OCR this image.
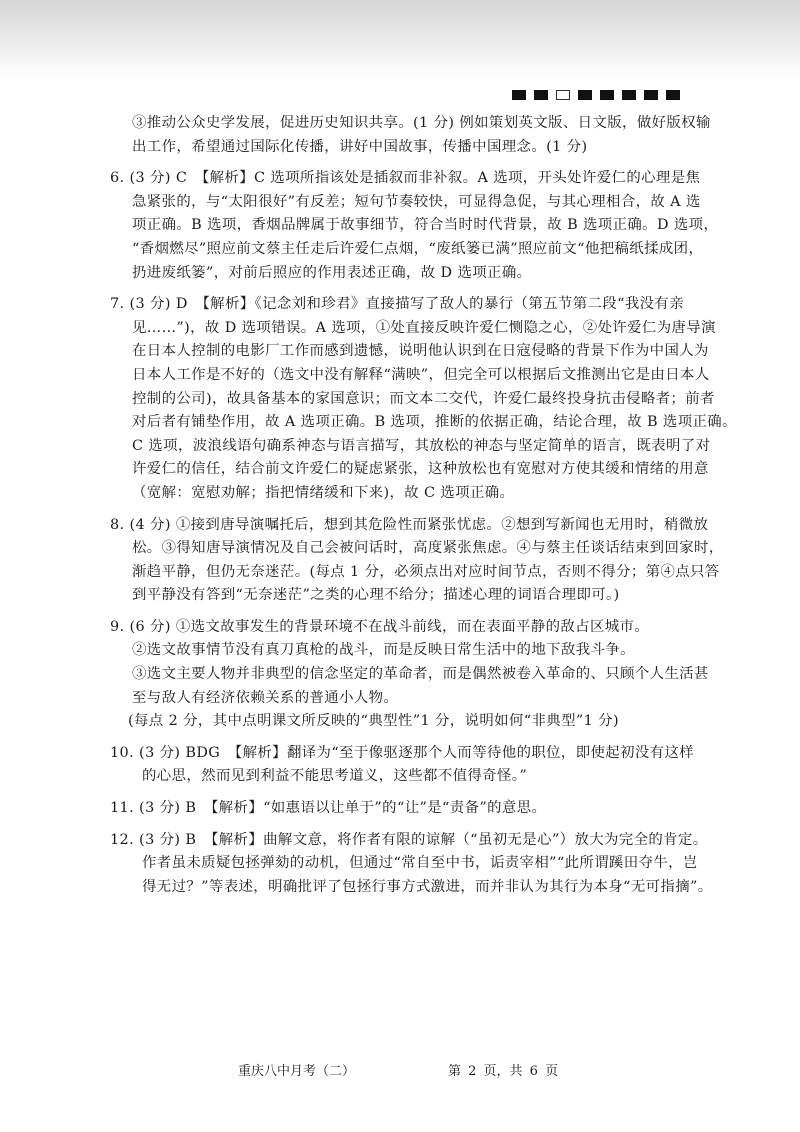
③推动公众史学发展，促进历史知识共享。(1 分) 例如策划英文版、日文版，做好版权输
出工作，希望通过国际化传播，讲好中国故事，传播中国理念。(1 分)
6. (3 分) C　【解析】C 选项所指该处是插叙而非补叙。A 选项，开头处许爱仁的心理是焦
急紧张的，与“太阳很好”有反差；短句节奏较快，可显得急促，与其心理相合，故 A 选
项正确。B 选项，香烟品牌属于故事细节，符合当时时代背景，故 B 选项正确。D 选项，
“香烟燃尽”照应前文蔡主任走后许爱仁点烟，“废纸篓已满”照应前文“他把稿纸揉成团，
扔进废纸篓”，对前后照应的作用表述正确，故 D 选项正确。
7. (3 分) D　【解析】《记念刘和珍君》直接描写了敌人的暴行（第五节第二段“我没有亲
见……”)，故 D 选项错误。A 选项，①处直接反映许爱仁恻隐之心，②处许爱仁为唐导演
在日本人控制的电影厂工作而感到遗憾，说明他认识到在日寇侵略的背景下作为中国人为
日本人工作是不好的（选文中没有解释“满映”，但完全可以根据后文推测出它是由日本人
控制的公司)，故具备基本的家国意识；而文本二交代，许爱仁最终投身抗击侵略者；前者
对后者有铺垫作用，故 A 选项正确。B 选项，推断的依据正确，结论合理，故 B 选项正确。
C 选项，波浪线语句确系神态与语言描写，其放松的神态与坚定简单的语言，既表明了对
许爱仁的信任，结合前文许爱仁的疑虑紧张，这种放松也有宽慰对方使其缓和情绪的用意
（宽解：宽慰劝解；指把情绪缓和下来)，故 C 选项正确。
8. (4 分) ①接到唐导演嘱托后，想到其危险性而紧张忧虑。②想到写新闻也无用时，稍微放
松。③得知唐导演情况及自己会被问话时，高度紧张焦虑。④与蔡主任谈话结束到回家时，
渐趋平静，但仍无奈迷茫。(每点 1 分，必须点出对应时间节点，否则不得分；第④点只答
到平静没有答到“无奈迷茫”之类的心理不给分；描述心理的词语合理即可。)
9. (6 分) ①选文故事发生的背景环境不在战斗前线，而在表面平静的敌占区城市。
②选文故事情节没有真刀真枪的战斗，而是反映日常生活中的地下敌我斗争。
③选文主要人物并非典型的信念坚定的革命者，而是偶然被卷入革命的、只顾个人生活甚
至与敌人有经济依赖关系的普通小人物。
(每点 2 分，其中点明课文所反映的“典型性”1 分，说明如何“非典型”1 分)
10. (3 分) BDG　【解析】翻译为“至于像驱逐那个人而等待他的职位，即使起初没有这样
的心思，然而见到利益不能思考道义，这些都不值得奇怪。”
11. (3 分) B　【解析】“如惠语以让单于”的“让”是“责备”的意思。
12. (3 分) B　【解析】曲解文意，将作者有限的谅解（“虽初无是心”）放大为完全的肯定。
作者虽未质疑包拯弹劾的动机，但通过“常自至中书，诟责宰相”“此所谓蹊田夺牛，岂
得无过？”等表述，明确批评了包拯行事方式激进，而并非认为其行为本身“无可指摘”。
重庆八中月考（二）	第 2 页，共 6 页
